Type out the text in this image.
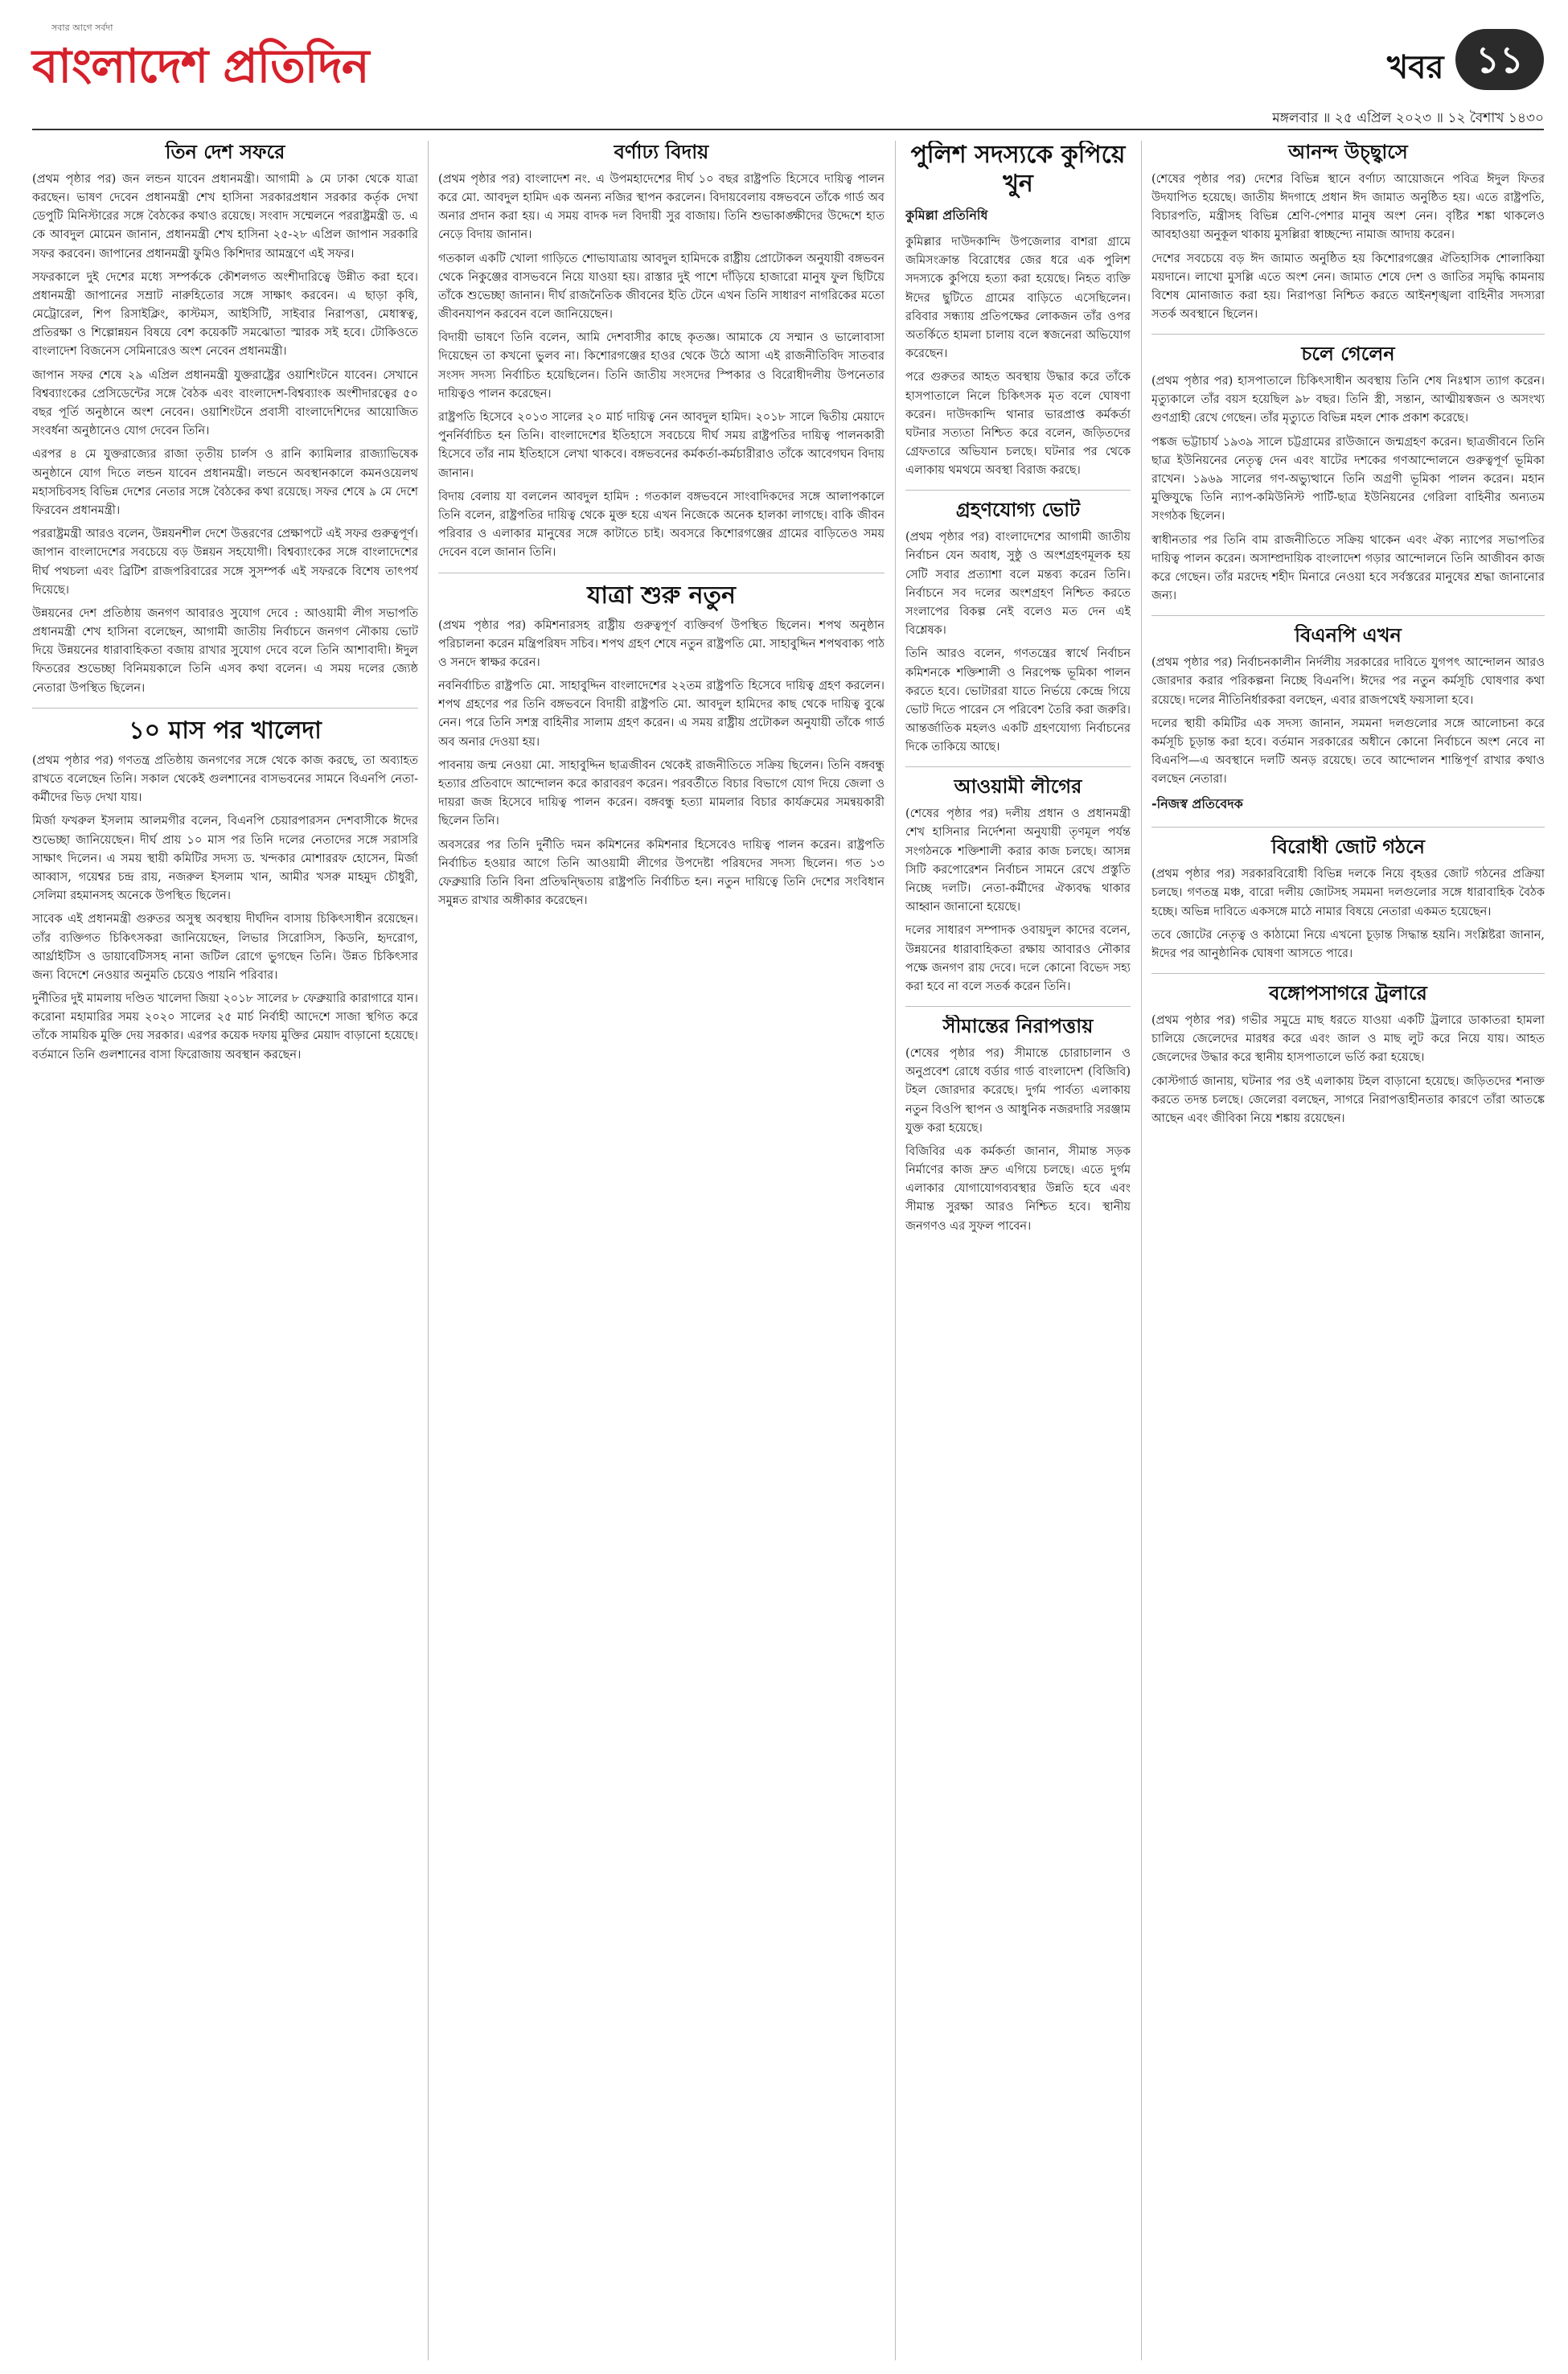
সবার আগে সর্বদা
বাংলাদেশ প্রতিদিন	খবর ১১
মঙ্গলবার ॥ ২৫ এপ্রিল ২০২৩ ॥ ১২ বৈশাখ ১৪৩০
তিন দেশ সফরে

(প্রথম পৃষ্ঠার পর) জন লন্ডন যাবেন প্রধানমন্ত্রী। আগামী ৯ মে ঢাকা থেকে যাত্রা করছেন। ভাষণ দেবেন প্রধানমন্ত্রী শেখ হাসিনা সরকারপ্রধান সরকার কর্তৃক দেখা ডেপুটি মিনিস্টারের সঙ্গে বৈঠকের কথাও রয়েছে। সংবাদ সম্মেলনে পররাষ্ট্রমন্ত্রী ড. এ কে আবদুল মোমেন জানান, প্রধানমন্ত্রী শেখ হাসিনা ২৫-২৮ এপ্রিল জাপান সরকারি সফর করবেন। জাপানের প্রধানমন্ত্রী ফুমিও কিশিদার আমন্ত্রণে এই সফর।

সফরকালে দুই দেশের মধ্যে সম্পর্ককে কৌশলগত অংশীদারিত্বে উন্নীত করা হবে। প্রধানমন্ত্রী জাপানের সম্রাট নারুহিতোর সঙ্গে সাক্ষাৎ করবেন। এ ছাড়া কৃষি, মেট্রোরেল, শিপ রিসাইক্লিং, কাস্টমস, আইসিটি, সাইবার নিরাপত্তা, মেধাস্বত্ব, প্রতিরক্ষা ও শিল্পোন্নয়ন বিষয়ে বেশ কয়েকটি সমঝোতা স্মারক সই হবে। টোকিওতে বাংলাদেশ বিজনেস সেমিনারেও অংশ নেবেন প্রধানমন্ত্রী।

জাপান সফর শেষে ২৯ এপ্রিল প্রধানমন্ত্রী যুক্তরাষ্ট্রের ওয়াশিংটনে যাবেন। সেখানে বিশ্বব্যাংকের প্রেসিডেন্টের সঙ্গে বৈঠক এবং বাংলাদেশ-বিশ্বব্যাংক অংশীদারত্বের ৫০ বছর পূর্তি অনুষ্ঠানে অংশ নেবেন। ওয়াশিংটনে প্রবাসী বাংলাদেশিদের আয়োজিত সংবর্ধনা অনুষ্ঠানেও যোগ দেবেন তিনি।

এরপর ৪ মে যুক্তরাজ্যের রাজা তৃতীয় চার্লস ও রানি ক্যামিলার রাজ্যাভিষেক অনুষ্ঠানে যোগ দিতে লন্ডন যাবেন প্রধানমন্ত্রী। লন্ডনে অবস্থানকালে কমনওয়েলথ মহাসচিবসহ বিভিন্ন দেশের নেতার সঙ্গে বৈঠকের কথা রয়েছে। সফর শেষে ৯ মে দেশে ফিরবেন প্রধানমন্ত্রী।

পররাষ্ট্রমন্ত্রী আরও বলেন, উন্নয়নশীল দেশে উত্তরণের প্রেক্ষাপটে এই সফর গুরুত্বপূর্ণ। জাপান বাংলাদেশের সবচেয়ে বড় উন্নয়ন সহযোগী। বিশ্বব্যাংকের সঙ্গে বাংলাদেশের দীর্ঘ পথচলা এবং ব্রিটিশ রাজপরিবারের সঙ্গে সুসম্পর্ক এই সফরকে বিশেষ তাৎপর্য দিয়েছে।

উন্নয়নের দেশ প্রতিষ্ঠায় জনগণ আবারও সুযোগ দেবে : আওয়ামী লীগ সভাপতি প্রধানমন্ত্রী শেখ হাসিনা বলেছেন, আগামী জাতীয় নির্বাচনে জনগণ নৌকায় ভোট দিয়ে উন্নয়নের ধারাবাহিকতা বজায় রাখার সুযোগ দেবে বলে তিনি আশাবাদী। ঈদুল ফিতরের শুভেচ্ছা বিনিময়কালে তিনি এসব কথা বলেন। এ সময় দলের জ্যেষ্ঠ নেতারা উপস্থিত ছিলেন।

১০ মাস পর খালেদা

(প্রথম পৃষ্ঠার পর) গণতন্ত্র প্রতিষ্ঠায় জনগণের সঙ্গে থেকে কাজ করছে, তা অব্যাহত রাখতে বলেছেন তিনি। সকাল থেকেই গুলশানের বাসভবনের সামনে বিএনপি নেতা-কর্মীদের ভিড় দেখা যায়।

মির্জা ফখরুল ইসলাম আলমগীর বলেন, বিএনপি চেয়ারপারসন দেশবাসীকে ঈদের শুভেচ্ছা জানিয়েছেন। দীর্ঘ প্রায় ১০ মাস পর তিনি দলের নেতাদের সঙ্গে সরাসরি সাক্ষাৎ দিলেন। এ সময় স্থায়ী কমিটির সদস্য ড. খন্দকার মোশাররফ হোসেন, মির্জা আব্বাস, গয়েশ্বর চন্দ্র রায়, নজরুল ইসলাম খান, আমীর খসরু মাহমুদ চৌধুরী, সেলিমা রহমানসহ অনেকে উপস্থিত ছিলেন।

সাবেক এই প্রধানমন্ত্রী গুরুতর অসুস্থ অবস্থায় দীর্ঘদিন বাসায় চিকিৎসাধীন রয়েছেন। তাঁর ব্যক্তিগত চিকিৎসকরা জানিয়েছেন, লিভার সিরোসিস, কিডনি, হৃদরোগ, আর্থ্রাইটিস ও ডায়াবেটিসসহ নানা জটিল রোগে ভুগছেন তিনি। উন্নত চিকিৎসার জন্য বিদেশে নেওয়ার অনুমতি চেয়েও পায়নি পরিবার।

দুর্নীতির দুই মামলায় দণ্ডিত খালেদা জিয়া ২০১৮ সালের ৮ ফেব্রুয়ারি কারাগারে যান। করোনা মহামারির সময় ২০২০ সালের ২৫ মার্চ নির্বাহী আদেশে সাজা স্থগিত করে তাঁকে সাময়িক মুক্তি দেয় সরকার। এরপর কয়েক দফায় মুক্তির মেয়াদ বাড়ানো হয়েছে। বর্তমানে তিনি গুলশানের বাসা ফিরোজায় অবস্থান করছেন।

বর্ণাঢ্য বিদায়

(প্রথম পৃষ্ঠার পর) বাংলাদেশ নং. এ উপমহাদেশের দীর্ঘ ১০ বছর রাষ্ট্রপতি হিসেবে দায়িত্ব পালন করে মো. আবদুল হামিদ এক অনন্য নজির স্থাপন করলেন। বিদায়বেলায় বঙ্গভবনে তাঁকে গার্ড অব অনার প্রদান করা হয়। এ সময় বাদক দল বিদায়ী সুর বাজায়। তিনি শুভাকাঙ্ক্ষীদের উদ্দেশে হাত নেড়ে বিদায় জানান।

গতকাল একটি খোলা গাড়িতে শোভাযাত্রায় আবদুল হামিদকে রাষ্ট্রীয় প্রোটোকল অনুযায়ী বঙ্গভবন থেকে নিকুঞ্জের বাসভবনে নিয়ে যাওয়া হয়। রাস্তার দুই পাশে দাঁড়িয়ে হাজারো মানুষ ফুল ছিটিয়ে তাঁকে শুভেচ্ছা জানান। দীর্ঘ রাজনৈতিক জীবনের ইতি টেনে এখন তিনি সাধারণ নাগরিকের মতো জীবনযাপন করবেন বলে জানিয়েছেন।

বিদায়ী ভাষণে তিনি বলেন, আমি দেশবাসীর কাছে কৃতজ্ঞ। আমাকে যে সম্মান ও ভালোবাসা দিয়েছেন তা কখনো ভুলব না। কিশোরগঞ্জের হাওর থেকে উঠে আসা এই রাজনীতিবিদ সাতবার সংসদ সদস্য নির্বাচিত হয়েছিলেন। তিনি জাতীয় সংসদের স্পিকার ও বিরোধীদলীয় উপনেতার দায়িত্বও পালন করেছেন।

রাষ্ট্রপতি হিসেবে ২০১৩ সালের ২০ মার্চ দায়িত্ব নেন আবদুল হামিদ। ২০১৮ সালে দ্বিতীয় মেয়াদে পুনর্নির্বাচিত হন তিনি। বাংলাদেশের ইতিহাসে সবচেয়ে দীর্ঘ সময় রাষ্ট্রপতির দায়িত্ব পালনকারী হিসেবে তাঁর নাম ইতিহাসে লেখা থাকবে। বঙ্গভবনের কর্মকর্তা-কর্মচারীরাও তাঁকে আবেগঘন বিদায় জানান।

বিদায় বেলায় যা বললেন আবদুল হামিদ : গতকাল বঙ্গভবনে সাংবাদিকদের সঙ্গে আলাপকালে তিনি বলেন, রাষ্ট্রপতির দায়িত্ব থেকে মুক্ত হয়ে এখন নিজেকে অনেক হালকা লাগছে। বাকি জীবন পরিবার ও এলাকার মানুষের সঙ্গে কাটাতে চাই। অবসরে কিশোরগঞ্জের গ্রামের বাড়িতেও সময় দেবেন বলে জানান তিনি।

যাত্রা শুরু নতুন

(প্রথম পৃষ্ঠার পর) কমিশনারসহ রাষ্ট্রীয় গুরুত্বপূর্ণ ব্যক্তিবর্গ উপস্থিত ছিলেন। শপথ অনুষ্ঠান পরিচালনা করেন মন্ত্রিপরিষদ সচিব। শপথ গ্রহণ শেষে নতুন রাষ্ট্রপতি মো. সাহাবুদ্দিন শপথবাক্য পাঠ ও সনদে স্বাক্ষর করেন।

নবনির্বাচিত রাষ্ট্রপতি মো. সাহাবুদ্দিন বাংলাদেশের ২২তম রাষ্ট্রপতি হিসেবে দায়িত্ব গ্রহণ করলেন। শপথ গ্রহণের পর তিনি বঙ্গভবনে বিদায়ী রাষ্ট্রপতি মো. আবদুল হামিদের কাছ থেকে দায়িত্ব বুঝে নেন। পরে তিনি সশস্ত্র বাহিনীর সালাম গ্রহণ করেন। এ সময় রাষ্ট্রীয় প্রটোকল অনুযায়ী তাঁকে গার্ড অব অনার দেওয়া হয়।

পাবনায় জন্ম নেওয়া মো. সাহাবুদ্দিন ছাত্রজীবন থেকেই রাজনীতিতে সক্রিয় ছিলেন। তিনি বঙ্গবন্ধু হত্যার প্রতিবাদে আন্দোলন করে কারাবরণ করেন। পরবর্তীতে বিচার বিভাগে যোগ দিয়ে জেলা ও দায়রা জজ হিসেবে দায়িত্ব পালন করেন। বঙ্গবন্ধু হত্যা মামলার বিচার কার্যক্রমের সমন্বয়কারী ছিলেন তিনি।

অবসরের পর তিনি দুর্নীতি দমন কমিশনের কমিশনার হিসেবেও দায়িত্ব পালন করেন। রাষ্ট্রপতি নির্বাচিত হওয়ার আগে তিনি আওয়ামী লীগের উপদেষ্টা পরিষদের সদস্য ছিলেন। গত ১৩ ফেব্রুয়ারি তিনি বিনা প্রতিদ্বন্দ্বিতায় রাষ্ট্রপতি নির্বাচিত হন। নতুন দায়িত্বে তিনি দেশের সংবিধান সমুন্নত রাখার অঙ্গীকার করেছেন।

পুলিশ সদস্যকে কুপিয়ে খুন
কুমিল্লা প্রতিনিধি

কুমিল্লার দাউদকান্দি উপজেলার বাশরা গ্রামে জমিসংক্রান্ত বিরোধের জের ধরে এক পুলিশ সদস্যকে কুপিয়ে হত্যা করা হয়েছে। নিহত ব্যক্তি ঈদের ছুটিতে গ্রামের বাড়িতে এসেছিলেন। রবিবার সন্ধ্যায় প্রতিপক্ষের লোকজন তাঁর ওপর অতর্কিতে হামলা চালায় বলে স্বজনেরা অভিযোগ করেছেন।

পরে গুরুতর আহত অবস্থায় উদ্ধার করে তাঁকে হাসপাতালে নিলে চিকিৎসক মৃত বলে ঘোষণা করেন। দাউদকান্দি থানার ভারপ্রাপ্ত কর্মকর্তা ঘটনার সত্যতা নিশ্চিত করে বলেন, জড়িতদের গ্রেফতারে অভিযান চলছে। ঘটনার পর থেকে এলাকায় থমথমে অবস্থা বিরাজ করছে।

গ্রহণযোগ্য ভোট

(প্রথম পৃষ্ঠার পর) বাংলাদেশের আগামী জাতীয় নির্বাচন যেন অবাধ, সুষ্ঠু ও অংশগ্রহণমূলক হয় সেটি সবার প্রত্যাশা বলে মন্তব্য করেন তিনি। নির্বাচনে সব দলের অংশগ্রহণ নিশ্চিত করতে সংলাপের বিকল্প নেই বলেও মত দেন এই বিশ্লেষক।

তিনি আরও বলেন, গণতন্ত্রের স্বার্থে নির্বাচন কমিশনকে শক্তিশালী ও নিরপেক্ষ ভূমিকা পালন করতে হবে। ভোটাররা যাতে নির্ভয়ে কেন্দ্রে গিয়ে ভোট দিতে পারেন সে পরিবেশ তৈরি করা জরুরি। আন্তর্জাতিক মহলও একটি গ্রহণযোগ্য নির্বাচনের দিকে তাকিয়ে আছে।

আওয়ামী লীগের

(শেষের পৃষ্ঠার পর) দলীয় প্রধান ও প্রধানমন্ত্রী শেখ হাসিনার নির্দেশনা অনুযায়ী তৃণমূল পর্যন্ত সংগঠনকে শক্তিশালী করার কাজ চলছে। আসন্ন সিটি করপোরেশন নির্বাচন সামনে রেখে প্রস্তুতি নিচ্ছে দলটি। নেতা-কর্মীদের ঐক্যবদ্ধ থাকার আহ্বান জানানো হয়েছে।

দলের সাধারণ সম্পাদক ওবায়দুল কাদের বলেন, উন্নয়নের ধারাবাহিকতা রক্ষায় আবারও নৌকার পক্ষে জনগণ রায় দেবে। দলে কোনো বিভেদ সহ্য করা হবে না বলে সতর্ক করেন তিনি।

সীমান্তের নিরাপত্তায়

(শেষের পৃষ্ঠার পর) সীমান্তে চোরাচালান ও অনুপ্রবেশ রোধে বর্ডার গার্ড বাংলাদেশ (বিজিবি) টহল জোরদার করেছে। দুর্গম পার্বত্য এলাকায় নতুন বিওপি স্থাপন ও আধুনিক নজরদারি সরঞ্জাম যুক্ত করা হয়েছে।

বিজিবির এক কর্মকর্তা জানান, সীমান্ত সড়ক নির্মাণের কাজ দ্রুত এগিয়ে চলছে। এতে দুর্গম এলাকার যোগাযোগব্যবস্থার উন্নতি হবে এবং সীমান্ত সুরক্ষা আরও নিশ্চিত হবে। স্থানীয় জনগণও এর সুফল পাবেন।

আনন্দ উচ্ছ্বাসে

(শেষের পৃষ্ঠার পর) দেশের বিভিন্ন স্থানে বর্ণাঢ্য আয়োজনে পবিত্র ঈদুল ফিতর উদযাপিত হয়েছে। জাতীয় ঈদগাহে প্রধান ঈদ জামাত অনুষ্ঠিত হয়। এতে রাষ্ট্রপতি, বিচারপতি, মন্ত্রীসহ বিভিন্ন শ্রেণি-পেশার মানুষ অংশ নেন। বৃষ্টির শঙ্কা থাকলেও আবহাওয়া অনুকূল থাকায় মুসল্লিরা স্বাচ্ছন্দ্যে নামাজ আদায় করেন।

দেশের সবচেয়ে বড় ঈদ জামাত অনুষ্ঠিত হয় কিশোরগঞ্জের ঐতিহাসিক শোলাকিয়া ময়দানে। লাখো মুসল্লি এতে অংশ নেন। জামাত শেষে দেশ ও জাতির সমৃদ্ধি কামনায় বিশেষ মোনাজাত করা হয়। নিরাপত্তা নিশ্চিত করতে আইনশৃঙ্খলা বাহিনীর সদস্যরা সতর্ক অবস্থানে ছিলেন।

চলে গেলেন

(প্রথম পৃষ্ঠার পর) হাসপাতালে চিকিৎসাধীন অবস্থায় তিনি শেষ নিঃশ্বাস ত্যাগ করেন। মৃত্যুকালে তাঁর বয়স হয়েছিল ৯৮ বছর। তিনি স্ত্রী, সন্তান, আত্মীয়স্বজন ও অসংখ্য গুণগ্রাহী রেখে গেছেন। তাঁর মৃত্যুতে বিভিন্ন মহল শোক প্রকাশ করেছে।

পঙ্কজ ভট্টাচার্য ১৯৩৯ সালে চট্টগ্রামের রাউজানে জন্মগ্রহণ করেন। ছাত্রজীবনে তিনি ছাত্র ইউনিয়নের নেতৃত্ব দেন এবং ষাটের দশকের গণআন্দোলনে গুরুত্বপূর্ণ ভূমিকা রাখেন। ১৯৬৯ সালের গণ-অভ্যুত্থানে তিনি অগ্রণী ভূমিকা পালন করেন। মহান মুক্তিযুদ্ধে তিনি ন্যাপ-কমিউনিস্ট পার্টি-ছাত্র ইউনিয়নের গেরিলা বাহিনীর অন্যতম সংগঠক ছিলেন।

স্বাধীনতার পর তিনি বাম রাজনীতিতে সক্রিয় থাকেন এবং ঐক্য ন্যাপের সভাপতির দায়িত্ব পালন করেন। অসাম্প্রদায়িক বাংলাদেশ গড়ার আন্দোলনে তিনি আজীবন কাজ করে গেছেন। তাঁর মরদেহ শহীদ মিনারে নেওয়া হবে সর্বস্তরের মানুষের শ্রদ্ধা জানানোর জন্য।

বিএনপি এখন

(প্রথম পৃষ্ঠার পর) নির্বাচনকালীন নির্দলীয় সরকারের দাবিতে যুগপৎ আন্দোলন আরও জোরদার করার পরিকল্পনা নিচ্ছে বিএনপি। ঈদের পর নতুন কর্মসূচি ঘোষণার কথা রয়েছে। দলের নীতিনির্ধারকরা বলছেন, এবার রাজপথেই ফয়সালা হবে।

দলের স্থায়ী কমিটির এক সদস্য জানান, সমমনা দলগুলোর সঙ্গে আলোচনা করে কর্মসূচি চূড়ান্ত করা হবে। বর্তমান সরকারের অধীনে কোনো নির্বাচনে অংশ নেবে না বিএনপি—এ অবস্থানে দলটি অনড় রয়েছে। তবে আন্দোলন শান্তিপূর্ণ রাখার কথাও বলছেন নেতারা।

-নিজস্ব প্রতিবেদক
বিরোধী জোট গঠনে

(প্রথম পৃষ্ঠার পর) সরকারবিরোধী বিভিন্ন দলকে নিয়ে বৃহত্তর জোট গঠনের প্রক্রিয়া চলছে। গণতন্ত্র মঞ্চ, বারো দলীয় জোটসহ সমমনা দলগুলোর সঙ্গে ধারাবাহিক বৈঠক হচ্ছে। অভিন্ন দাবিতে একসঙ্গে মাঠে নামার বিষয়ে নেতারা একমত হয়েছেন।

তবে জোটের নেতৃত্ব ও কাঠামো নিয়ে এখনো চূড়ান্ত সিদ্ধান্ত হয়নি। সংশ্লিষ্টরা জানান, ঈদের পর আনুষ্ঠানিক ঘোষণা আসতে পারে।

বঙ্গোপসাগরে ট্রলারে

(প্রথম পৃষ্ঠার পর) গভীর সমুদ্রে মাছ ধরতে যাওয়া একটি ট্রলারে ডাকাতরা হামলা চালিয়ে জেলেদের মারধর করে এবং জাল ও মাছ লুট করে নিয়ে যায়। আহত জেলেদের উদ্ধার করে স্থানীয় হাসপাতালে ভর্তি করা হয়েছে।

কোস্টগার্ড জানায়, ঘটনার পর ওই এলাকায় টহল বাড়ানো হয়েছে। জড়িতদের শনাক্ত করতে তদন্ত চলছে। জেলেরা বলছেন, সাগরে নিরাপত্তাহীনতার কারণে তাঁরা আতঙ্কে আছেন এবং জীবিকা নিয়ে শঙ্কায় রয়েছেন।
